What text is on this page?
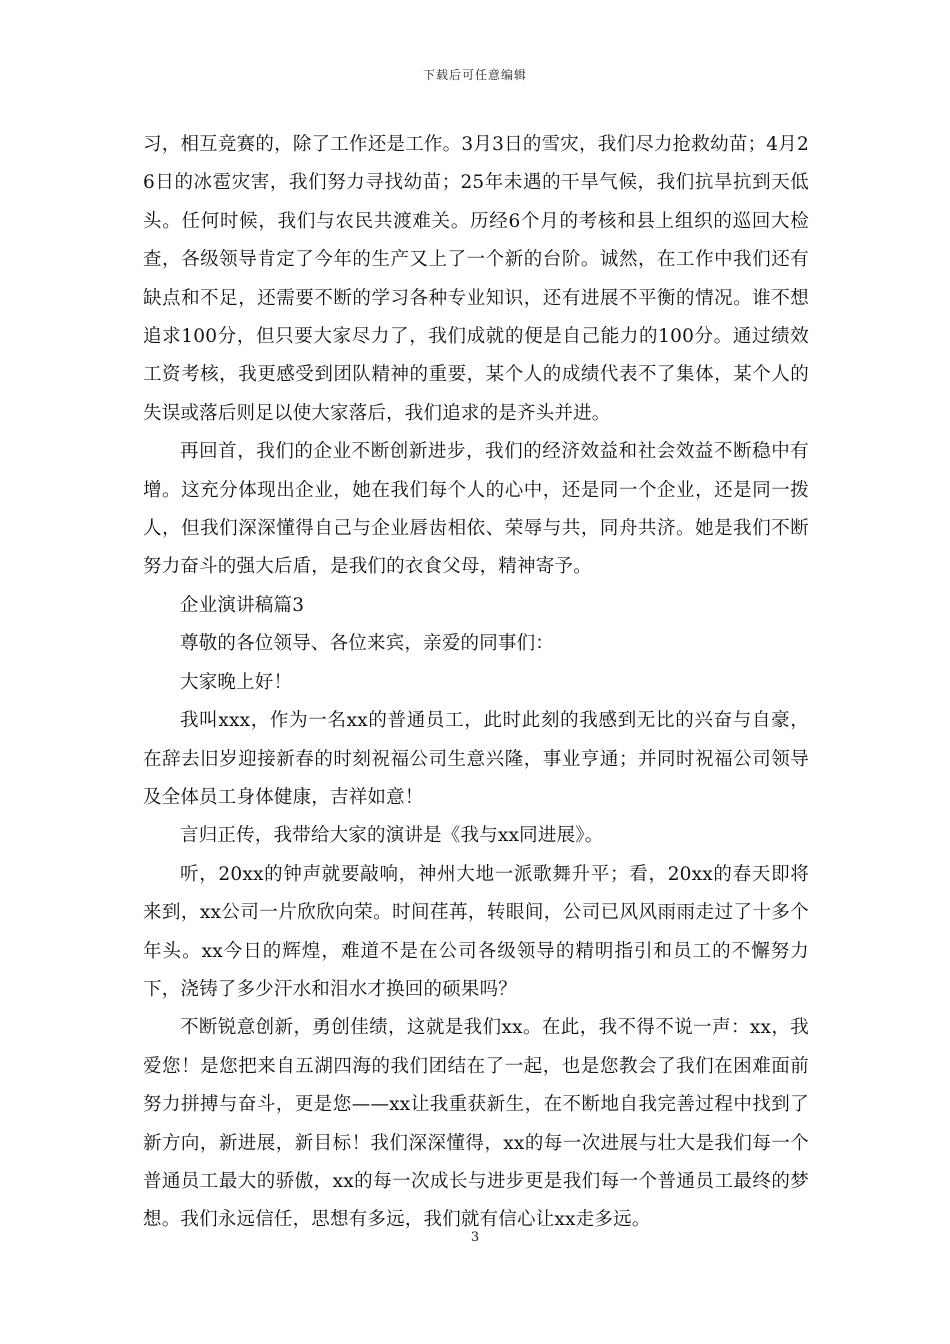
下载后可任意编辑

习，相互竞赛的，除了工作还是工作。3月3日的雪灾，我们尽力抢救幼苗；4月26日的冰雹灾害，我们努力寻找幼苗；25年未遇的干旱气候，我们抗旱抗到天低头。任何时候，我们与农民共渡难关。历经6个月的考核和县上组织的巡回大检查，各级领导肯定了今年的生产又上了一个新的台阶。诚然，在工作中我们还有缺点和不足，还需要不断的学习各种专业知识，还有进展不平衡的情况。谁不想追求100分，但只要大家尽力了，我们成就的便是自己能力的100分。通过绩效工资考核，我更感受到团队精神的重要，某个人的成绩代表不了集体，某个人的失误或落后则足以使大家落后，我们追求的是齐头并进。

再回首，我们的企业不断创新进步，我们的经济效益和社会效益不断稳中有增。这充分体现出企业，她在我们每个人的心中，还是同一个企业，还是同一拨人，但我们深深懂得自己与企业唇齿相依、荣辱与共，同舟共济。她是我们不断努力奋斗的强大后盾，是我们的衣食父母，精神寄予。

企业演讲稿篇3

尊敬的各位领导、各位来宾，亲爱的同事们：

大家晚上好！

我叫xxx，作为一名xx的普通员工，此时此刻的我感到无比的兴奋与自豪，在辞去旧岁迎接新春的时刻祝福公司生意兴隆，事业亨通；并同时祝福公司领导及全体员工身体健康，吉祥如意！

言归正传，我带给大家的演讲是《我与xx同进展》。

听，20xx的钟声就要敲响，神州大地一派歌舞升平；看，20xx的春天即将来到，xx公司一片欣欣向荣。时间荏苒，转眼间，公司已风风雨雨走过了十多个年头。xx今日的辉煌，难道不是在公司各级领导的精明指引和员工的不懈努力下，浇铸了多少汗水和泪水才换回的硕果吗？

不断锐意创新，勇创佳绩，这就是我们xx。在此，我不得不说一声：xx，我爱您！是您把来自五湖四海的我们团结在了一起，也是您教会了我们在困难面前努力拼搏与奋斗，更是您——xx让我重获新生，在不断地自我完善过程中找到了新方向，新进展，新目标！我们深深懂得，xx的每一次进展与壮大是我们每一个普通员工最大的骄傲，xx的每一次成长与进步更是我们每一个普通员工最终的梦想。我们永远信任，思想有多远，我们就有信心让xx走多远。

3
